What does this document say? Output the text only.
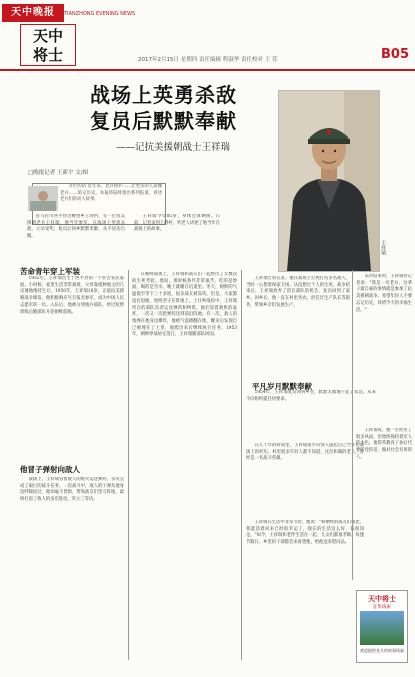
天中晚报	TIANZHONG EVENING NEWS
天中
将士	2017年2月15日 星期四 责任编辑 程淑华 责任校对 王 萱	B05
战场上英勇杀敌
复员后默默奉献
——记抗美援朝战士王祥瑞
□晚报记者 王新宇 文/图
王祥瑞

开栏的话 近年来，老兵保护……让更多的人读懂老兵……铭记历史。本报将陆续推出系列报道，讲述老兵们的动人故事。

驻马店市西平县出柳堡乡王湾村，有一位抗美援朝老兵王祥瑞，他当年参军，在战场上英勇杀敌，立功受奖；复员后回乡默默奉献，从不居功自傲。

王祥瑞今年85岁，身体还算硬朗。日前，记者来到王湾村，听老人讲述了他当年在战场上的故事。

苦命青年穿上军装

1932年，王祥瑞出生于西平县的一个贫苦农民家庭。小时候，家里生活非常艰难，父母靠租种地主的几亩薄地维持生计。1950年，王祥瑞18岁，正值抗美援朝战争爆发，他积极响应号召报名参军，成为中国人民志愿军的一员。入伍后，他被分到炮兵部队，经过短暂训练后随部队开赴朝鲜前线。

他冒子弹射向敌人

战场上，王祥瑞冒着敌人的炮火运送弹药，多次完成了艰巨的战斗任务。一次战斗中，敌人的子弹从他身边呼啸而过，他却毫不畏惧，带领战友们坚守阵地，最终打退了敌人的多次进攻，荣立三等功。

在朝鲜战场上，王祥瑞和战友们一起经历了无数次的生死考验。他说，那时候条件非常艰苦，吃的是炒面，喝的是雪水，晚上就睡在坑道里。冬天，朝鲜的气温低至零下三十多度，很多战友被冻伤。但是，大家都没有退缩，始终坚守在阵地上。上甘岭战役中，王祥瑞所在的部队负责运送弹药和物资，他们冒着敌机的轰炸，一次又一次把弹药送到前沿阵地。有一次，敌人的炮弹在他身边爆炸，他被气浪掀翻在地，醒来后发现自己被埋在了土里，他爬出来后继续执行任务。1953年，朝鲜停战协定签订，王祥瑞随部队回国。

王祥瑞告诉记者，他在战场上打死打伤多名敌人，当时一心想着保家卫国，从没想过个人的生死。战争结束后，王祥瑞放弃了留在部队的机会，复员回到了家乡。回乡后，他一直在村里务农，担任过生产队长等职务，带领乡亲们发展生产。

平凡岁月默默奉献

1954年，王祥瑞复员回到乡里，默默无闻地干起了农活，从来不向组织提任何要求。

在几十年的时间里，王祥瑞很少向别人提起自己当年在战场上的经历。村里很多年轻人都不知道，这位和蔼的老人，曾经是一名战斗英雄。

王祥瑞在生活中非常节俭，他说："和牺牲的战友们相比，我能活着回来已经很幸运了，现在的生活这么好，我很知足。"如今，王祥瑞和老伴生活在一起，儿女们都很孝顺。每逢节假日，乡里的干部都会来看望他，给他送来慰问品。

采访结束时，王祥瑞对记者说："我是一名老兵，这辈子最自豪的事情就是参加了抗美援朝战争。希望年轻人不要忘记历史，珍惜今天的幸福生活。"

王祥瑞说，他一生经历了很多风雨，但始终保持着军人的本色。他常常教育子孙后代要听党的话，做对社会有用的人。

天中将士
征集线索
欢迎提供老兵的故事线索
